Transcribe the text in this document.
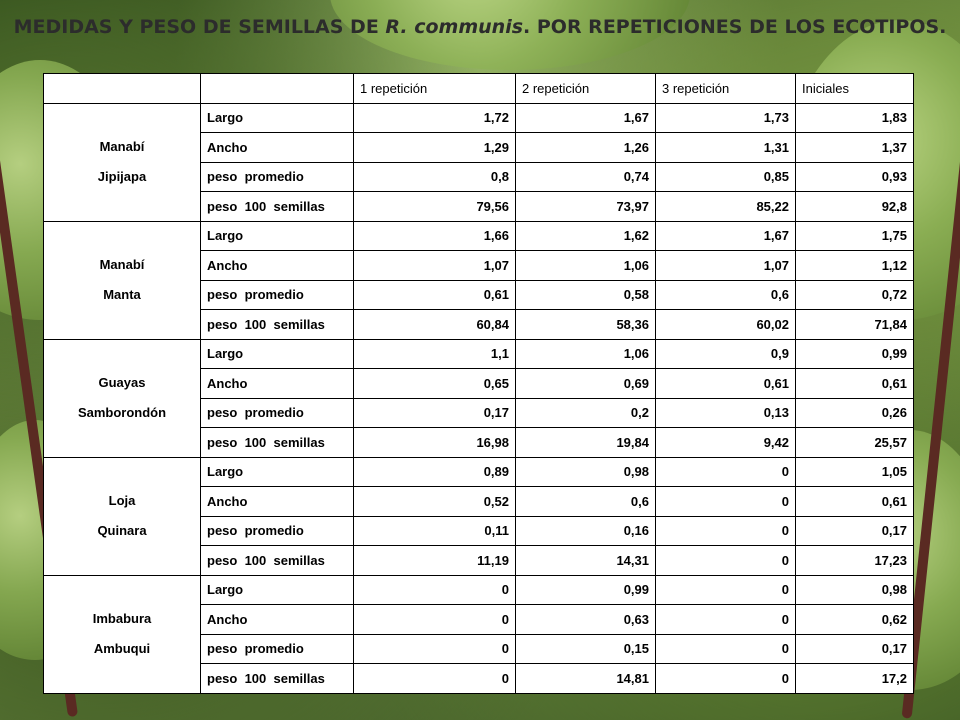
MEDIDAS Y PESO DE SEMILLAS DE R. communis. POR REPETICIONES DE LOS ECOTIPOS.
		1 repetición	2 repetición	3 repetición	Iniciales

Manabí
Jipijapa	Largo	1,72	1,67	1,73	1,83
	Ancho	1,29	1,26	1,31	1,37
	peso  promedio	0,8	0,74	0,85	0,93
	peso  100  semillas	79,56	73,97	85,22	92,8

Manabí
Manta	Largo	1,66	1,62	1,67	1,75
	Ancho	1,07	1,06	1,07	1,12
	peso  promedio	0,61	0,58	0,6	0,72
	peso  100  semillas	60,84	58,36	60,02	71,84

Guayas
Samborondón	Largo	1,1	1,06	0,9	0,99
	Ancho	0,65	0,69	0,61	0,61
	peso  promedio	0,17	0,2	0,13	0,26
	peso  100  semillas	16,98	19,84	9,42	25,57

Loja
Quinara	Largo	0,89	0,98	0	1,05
	Ancho	0,52	0,6	0	0,61
	peso  promedio	0,11	0,16	0	0,17
	peso  100  semillas	11,19	14,31	0	17,23

Imbabura
Ambuqui	Largo	0	0,99	0	0,98
	Ancho	0	0,63	0	0,62
	peso  promedio	0	0,15	0	0,17
	peso  100  semillas	0	14,81	0	17,2
